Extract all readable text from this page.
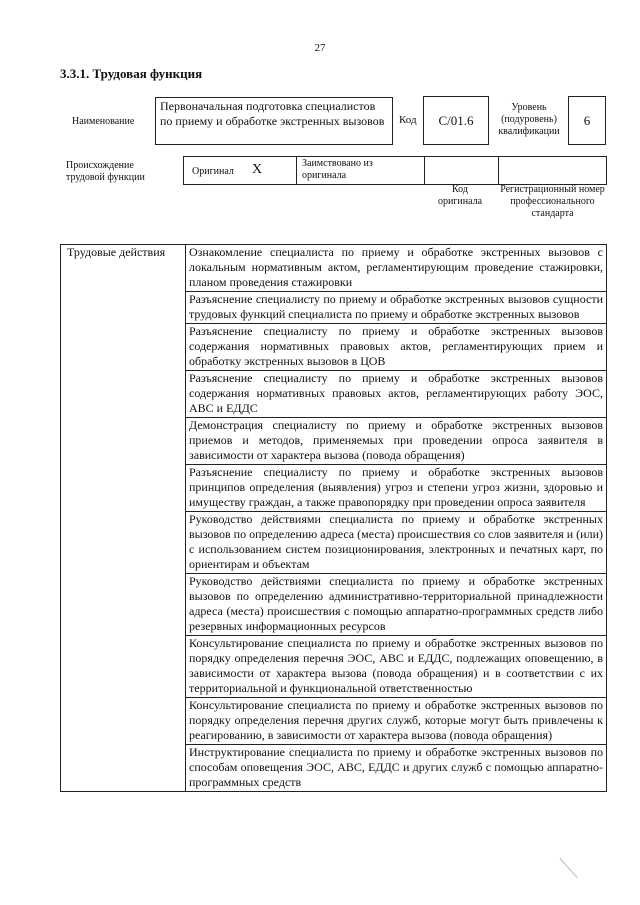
27
3.3.1. Трудовая функция
Наименование
Первоначальная подготовка специалистов по приему и обработке экстренных вызовов	Код	C/01.6
Уровень (подуровень) квалификации
6
Происхождение трудовой функции
Оригинал X	Заимствовано из оригинала
Код оригинала
Регистрационный номер профессионального стандарта
Трудовые действия	Ознакомление специалиста по приему и обработке экстренных вызовов с локальным нормативным актом, регламентирующим проведение стажировки, планом проведения стажировки
Разъяснение специалисту по приему и обработке экстренных вызовов сущности трудовых функций специалиста по приему и обработке экстренных вызовов
Разъяснение специалисту по приему и обработке экстренных вызовов содержания нормативных правовых актов, регламентирующих прием и обработку экстренных вызовов в ЦОВ
Разъяснение специалисту по приему и обработке экстренных вызовов содержания нормативных правовых актов, регламентирующих работу ЭОС, АВС и ЕДДС
Демонстрация специалисту по приему и обработке экстренных вызовов приемов и методов, применяемых при проведении опроса заявителя в зависимости от характера вызова (повода обращения)
Разъяснение специалисту по приему и обработке экстренных вызовов принципов определения (выявления) угроз и степени угроз жизни, здоровью и имуществу граждан, а также правопорядку при проведении опроса заявителя
Руководство действиями специалиста по приему и обработке экстренных вызовов по определению адреса (места) происшествия со слов заявителя и (или) с использованием систем позиционирования, электронных и печатных карт, по ориентирам и объектам
Руководство действиями специалиста по приему и обработке экстренных вызовов по определению административно-территориальной принадлежности адреса (места) происшествия с помощью аппаратно-программных средств либо резервных информационных ресурсов
Консультирование специалиста по приему и обработке экстренных вызовов по порядку определения перечня ЭОС, АВС и ЕДДС, подлежащих оповещению, в зависимости от характера вызова (повода обращения) и в соответствии с их территориальной и функциональной ответственностью
Консультирование специалиста по приему и обработке экстренных вызовов по порядку определения перечня других служб, которые могут быть привлечены к реагированию, в зависимости от характера вызова (повода обращения)
Инструктирование специалиста по приему и обработке экстренных вызовов по способам оповещения ЭОС, АВС, ЕДДС и других служб с помощью аппаратно-программных средств
